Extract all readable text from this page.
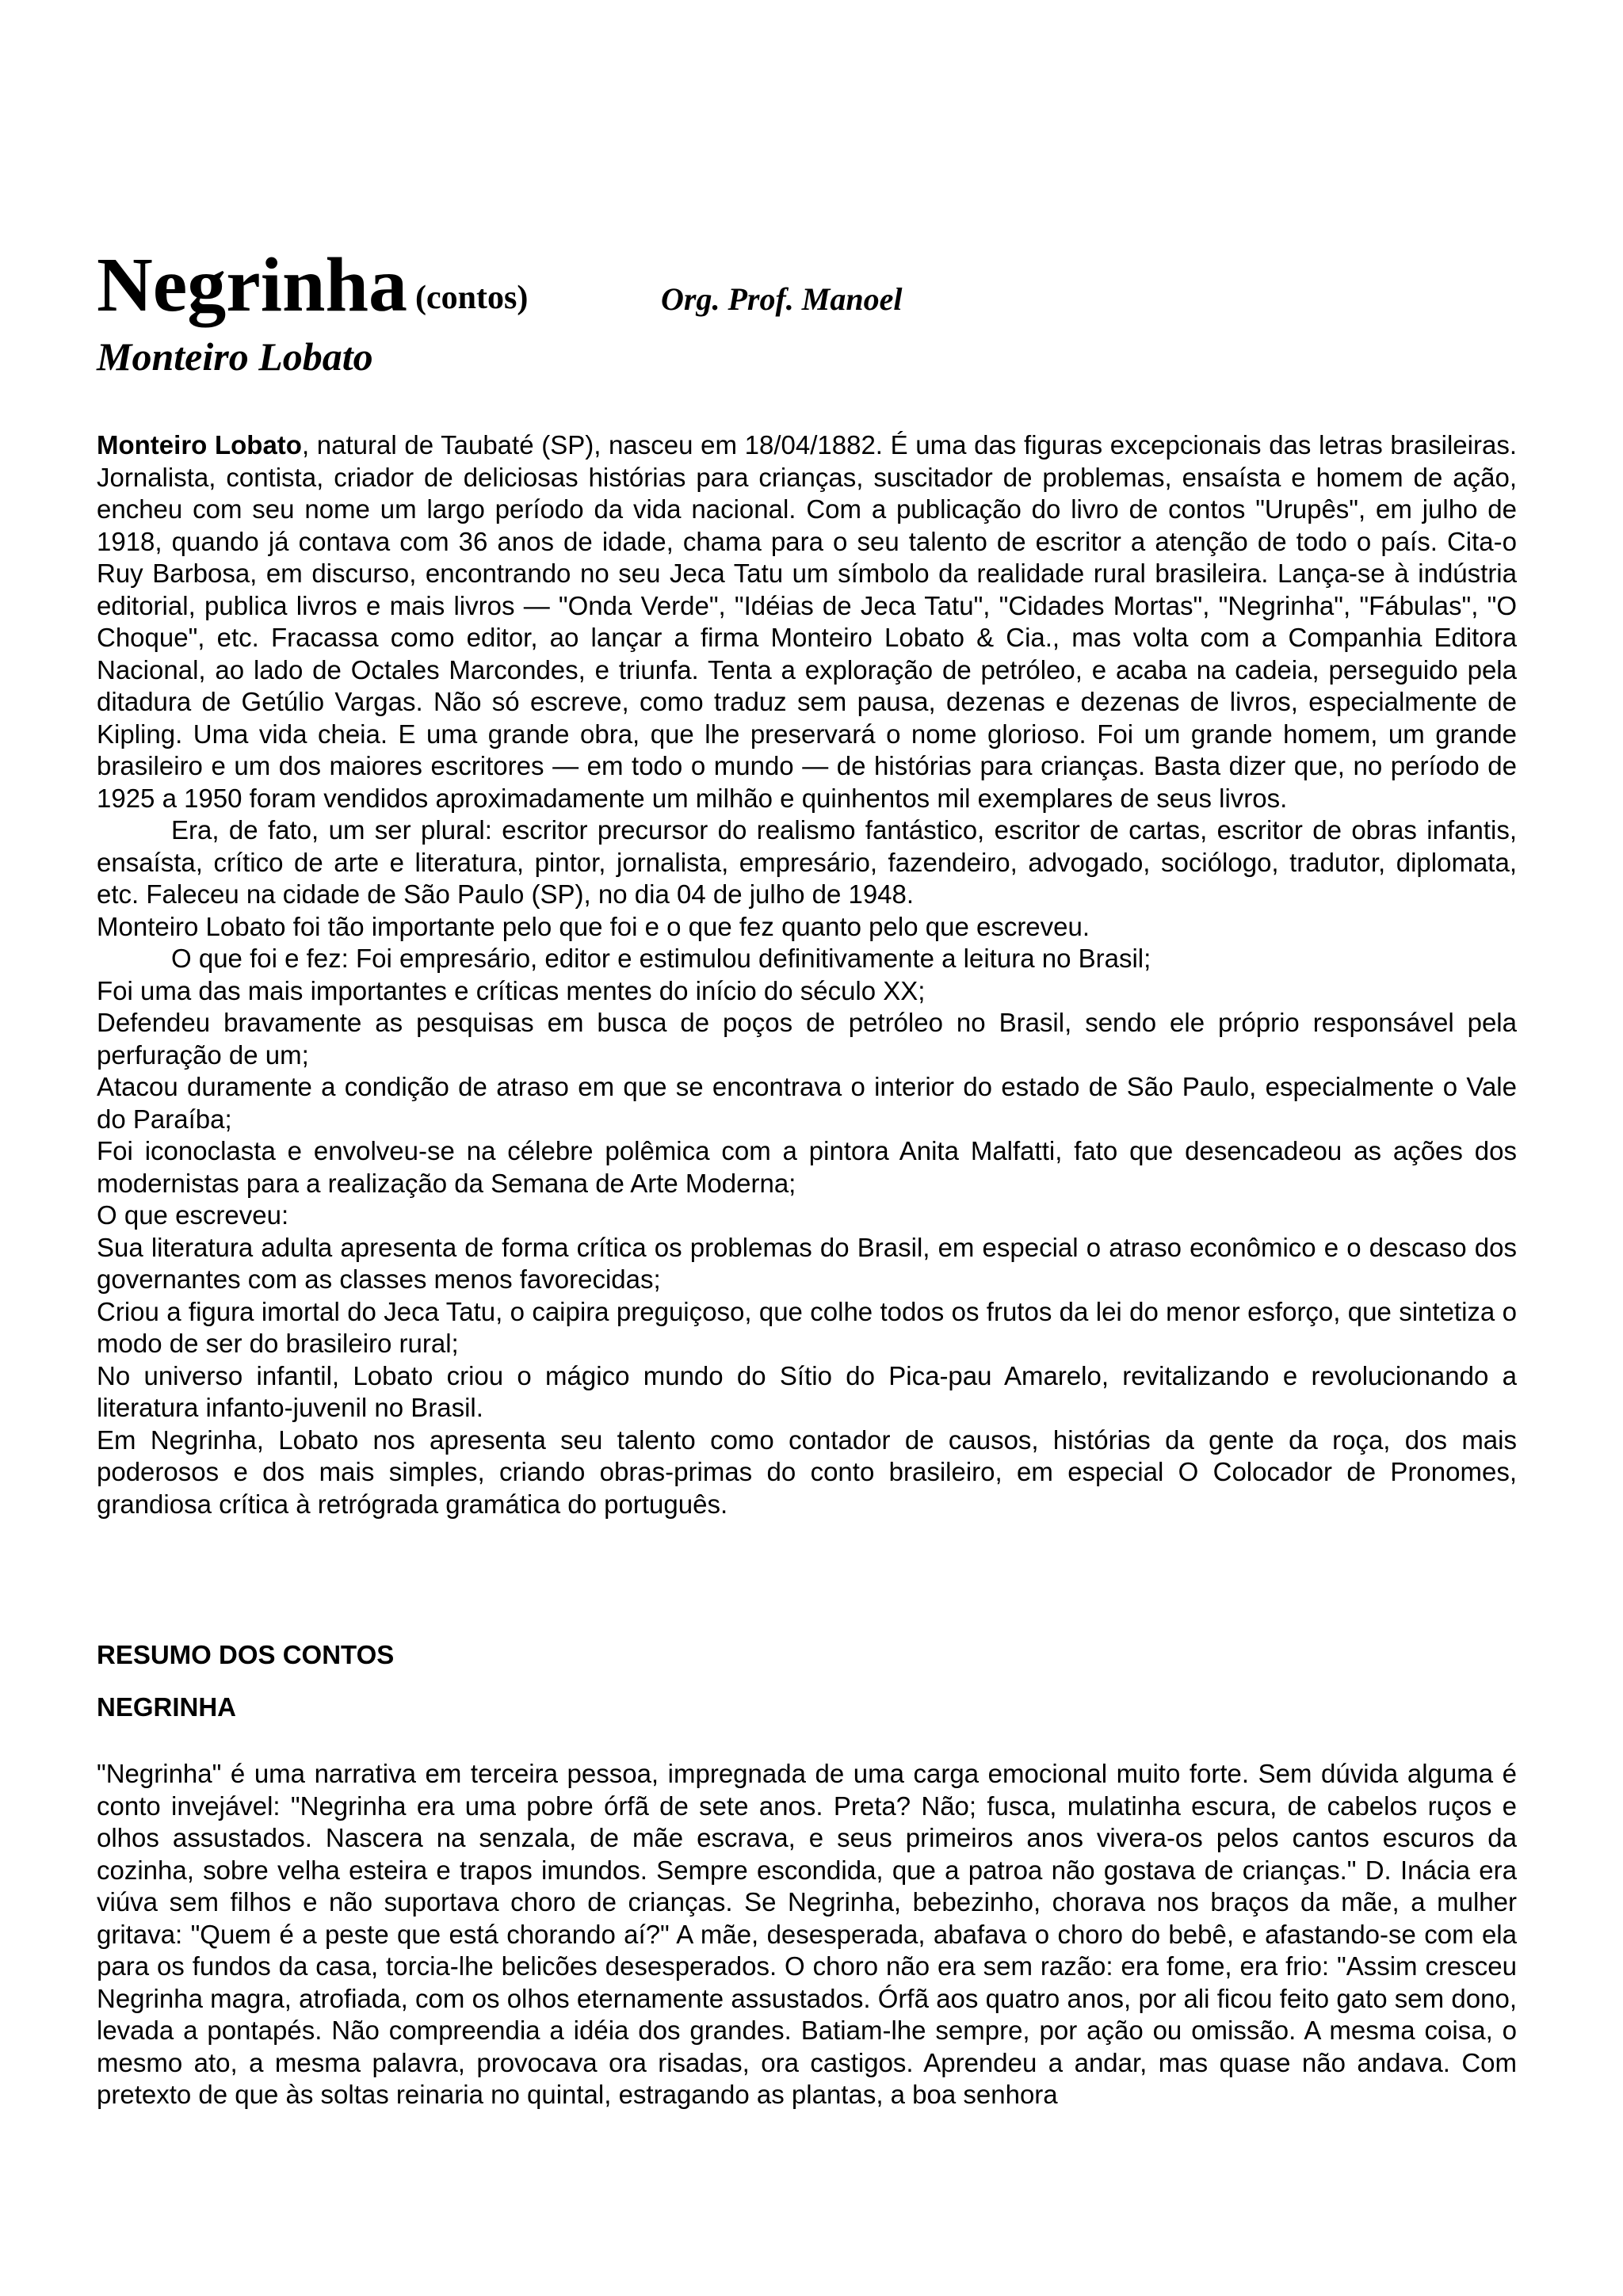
Negrinha (contos)	Org. Prof. Manoel
Monteiro Lobato

Monteiro Lobato, natural de Taubaté (SP), nasceu em 18/04/1882. É uma das figuras excepcionais das letras brasileiras. Jornalista, contista, criador de deliciosas histórias para crianças, suscitador de problemas, ensaísta e homem de ação, encheu com seu nome um largo período da vida nacional. Com a publicação do livro de contos "Urupês", em julho de 1918, quando já contava com 36 anos de idade, chama para o seu talento de escritor a atenção de todo o país. Cita-o Ruy Barbosa, em discurso, encontrando no seu Jeca Tatu um símbolo da realidade rural brasileira. Lança-se à indústria editorial, publica livros e mais livros — "Onda Verde", "Idéias de Jeca Tatu", "Cidades Mortas", "Negrinha", "Fábulas", "O Choque", etc. Fracassa como editor, ao lançar a firma Monteiro Lobato & Cia., mas volta com a Companhia Editora Nacional, ao lado de Octales Marcondes, e triunfa. Tenta a exploração de petróleo, e acaba na cadeia, perseguido pela ditadura de Getúlio Vargas. Não só escreve, como traduz sem pausa, dezenas e dezenas de livros, especialmente de Kipling. Uma vida cheia. E uma grande obra, que lhe preservará o nome glorioso. Foi um grande homem, um grande brasileiro e um dos maiores escritores — em todo o mundo — de histórias para crianças. Basta dizer que, no período de 1925 a 1950 foram vendidos aproximadamente um milhão e quinhentos mil exemplares de seus livros.

Era, de fato, um ser plural: escritor precursor do realismo fantástico, escritor de cartas, escritor de obras infantis, ensaísta, crítico de arte e literatura, pintor, jornalista, empresário, fazendeiro, advogado, sociólogo, tradutor, diplomata, etc. Faleceu na cidade de São Paulo (SP), no dia 04 de julho de 1948.

Monteiro Lobato foi tão importante pelo que foi e o que fez quanto pelo que escreveu.

O que foi e fez: Foi empresário, editor e estimulou definitivamente a leitura no Brasil;

Foi uma das mais importantes e críticas mentes do início do século XX;

Defendeu bravamente as pesquisas em busca de poços de petróleo no Brasil, sendo ele próprio responsável pela perfuração de um;

Atacou duramente a condição de atraso em que se encontrava o interior do estado de São Paulo, especialmente o Vale do Paraíba;

Foi iconoclasta e envolveu-se na célebre polêmica com a pintora Anita Malfatti, fato que desencadeou as ações dos modernistas para a realização da Semana de Arte Moderna;

O que escreveu:

Sua literatura adulta apresenta de forma crítica os problemas do Brasil, em especial o atraso econômico e o descaso dos governantes com as classes menos favorecidas;

Criou a figura imortal do Jeca Tatu, o caipira preguiçoso, que colhe todos os frutos da lei do menor esforço, que sintetiza o modo de ser do brasileiro rural;

No universo infantil, Lobato criou o mágico mundo do Sítio do Pica-pau Amarelo, revitalizando e revolucionando a literatura infanto-juvenil no Brasil.

Em Negrinha, Lobato nos apresenta seu talento como contador de causos, histórias da gente da roça, dos mais poderosos e dos mais simples, criando obras-primas do conto brasileiro, em especial O Colocador de Pronomes, grandiosa crítica à retrógrada gramática do português.

RESUMO DOS CONTOS
NEGRINHA

"Negrinha" é uma narrativa em terceira pessoa, impregnada de uma carga emocional muito forte. Sem dúvida alguma é conto invejável: "Negrinha era uma pobre órfã de sete anos. Preta? Não; fusca, mulatinha escura, de cabelos ruços e olhos assustados. Nascera na senzala, de mãe escrava, e seus primeiros anos vivera-os pelos cantos escuros da cozinha, sobre velha esteira e trapos imundos. Sempre escondida, que a patroa não gostava de crianças." D. Inácia era viúva sem filhos e não suportava choro de crianças. Se Negrinha, bebezinho, chorava nos braços da mãe, a mulher gritava: "Quem é a peste que está chorando aí?" A mãe, desesperada, abafava o choro do bebê, e afastando-se com ela para os fundos da casa, torcia-lhe belicões desesperados. O choro não era sem razão: era fome, era frio: "Assim cresceu Negrinha magra, atrofiada, com os olhos eternamente assustados. Órfã aos quatro anos, por ali ficou feito gato sem dono, levada a pontapés. Não compreendia a idéia dos grandes. Batiam-lhe sempre, por ação ou omissão. A mesma coisa, o mesmo ato, a mesma palavra, provocava ora risadas, ora castigos. Aprendeu a andar, mas quase não andava. Com pretexto de que às soltas reinaria no quintal, estragando as plantas, a boa senhora
